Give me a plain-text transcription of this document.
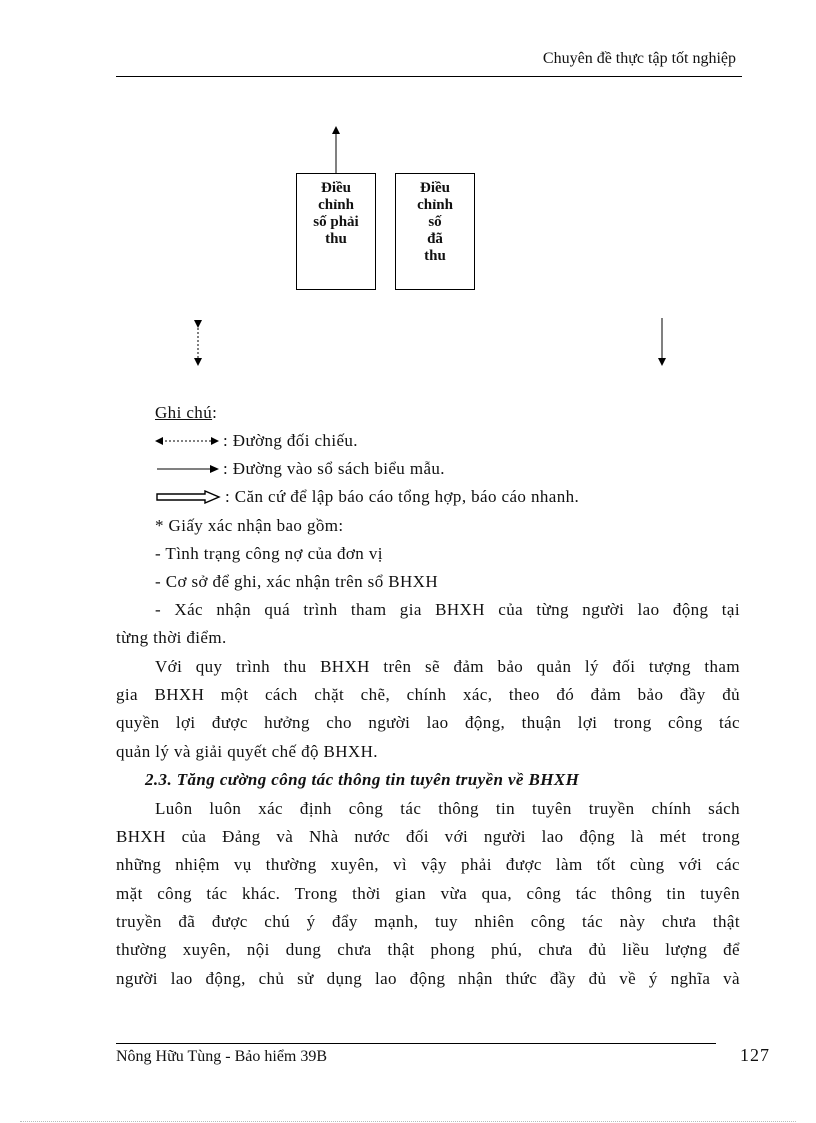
Chuyên đề thực tập tốt nghiệp
Điều
chỉnh
số phải
thu
Điều
chỉnh
số
đã
thu
Ghi chú:
: Đường đối chiếu.
: Đường vào sổ sách biểu mẫu.
: Căn cứ để lập báo cáo tổng hợp, báo cáo nhanh.
* Giấy xác nhận bao gồm:
- Tình trạng công nợ của đơn vị
- Cơ sở để ghi, xác nhận trên sổ BHXH
- Xác nhận quá trình tham gia BHXH của từng người lao động tại
từng thời điểm.
Với quy trình thu BHXH trên sẽ đảm bảo quản lý đối tượng tham
gia BHXH một cách chặt chẽ, chính xác, theo đó đảm bảo đầy đủ
quyền lợi được hưởng cho người lao động, thuận lợi trong công tác
quản lý và giải quyết chế độ BHXH.
2.3. Tăng cường công tác thông tin tuyên truyền về BHXH
Luôn luôn xác định công tác thông tin tuyên truyền chính sách
BHXH của Đảng và Nhà nước đối với người lao động là mét trong
những nhiệm vụ thường xuyên, vì vậy phải được làm tốt cùng với các
mặt công tác khác. Trong thời gian vừa qua, công tác thông tin tuyên
truyền đã được chú ý đẩy mạnh, tuy nhiên công tác này chưa thật
thường xuyên, nội dung chưa thật phong phú, chưa đủ liều lượng để
người lao động, chủ sử dụng lao động nhận thức đầy đủ về ý nghĩa và
Nông Hữu Tùng - Bảo hiểm 39B	127
